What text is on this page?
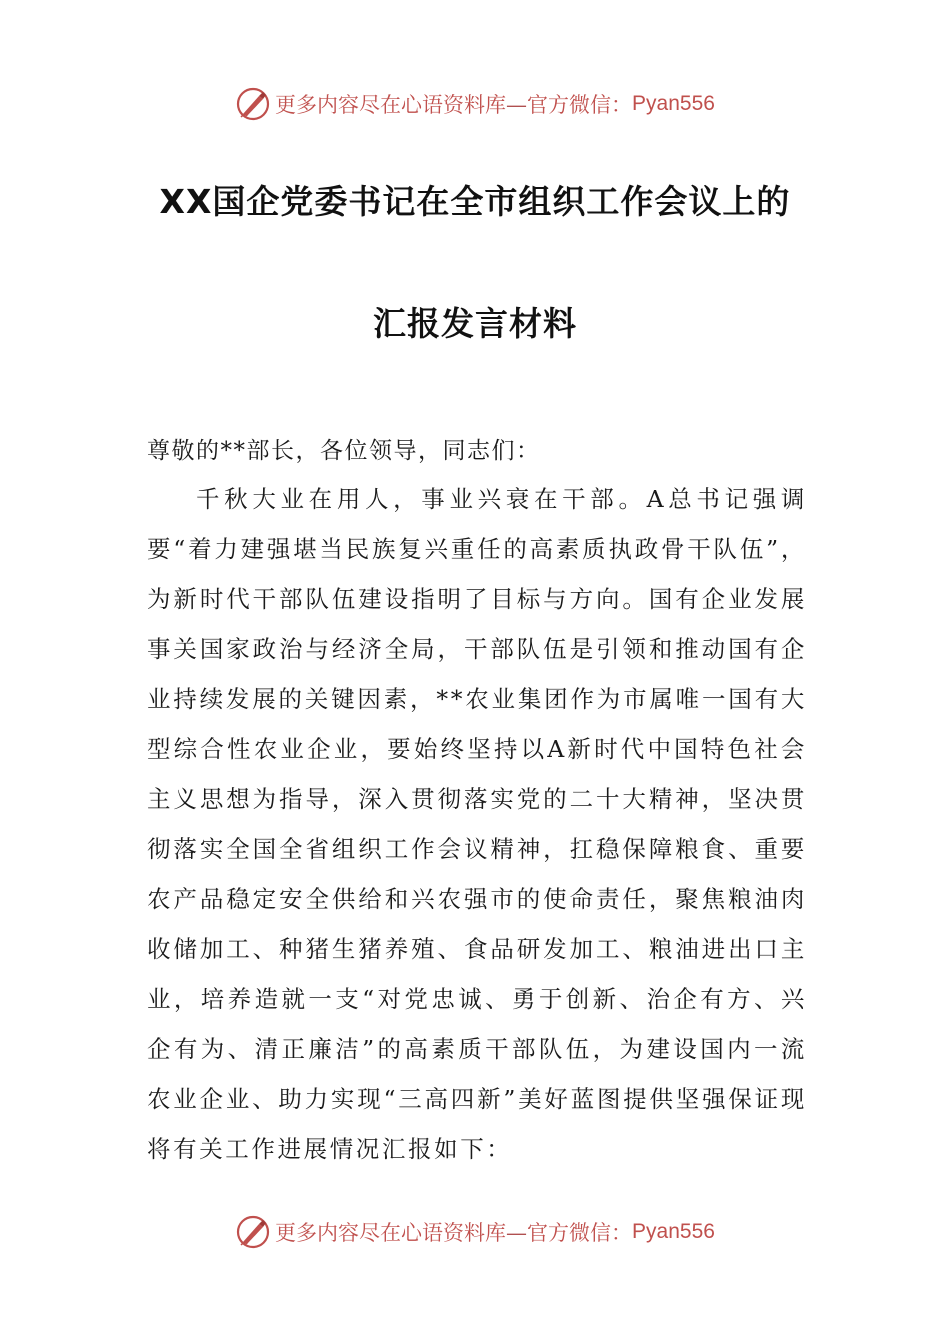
更多内容尽在心语资料库—官方微信： Pyan556
XX国企党委书记在全市组织工作会议上的
汇报发言材料
尊敬的**部长，各位领导，同志们：
千秋大业在用人，事业兴衰在干部。A总书记强调要“着力建强堪当民族复兴重任的高素质执政骨干队伍”，为新时代干部队伍建设指明了目标与方向。国有企业发展事关国家政治与经济全局，干部队伍是引领和推动国有企业持续发展的关键因素，**农业集团作为市属唯一国有大型综合性农业企业，要始终坚持以A新时代中国特色社会主义思想为指导，深入贯彻落实党的二十大精神，坚决贯彻落实全国全省组织工作会议精神，扛稳保障粮食、重要农产品稳定安全供给和兴农强市的使命责任，聚焦粮油肉收储加工、种猪生猪养殖、食品研发加工、粮油进出口主业，培养造就一支“对党忠诚、勇于创新、治企有方、兴企有为、清正廉洁”的高素质干部队伍，为建设国内一流农业企业、助力实现“三高四新”美好蓝图提供坚强保证现将有关工作进展情况汇报如下：
更多内容尽在心语资料库—官方微信： Pyan556
